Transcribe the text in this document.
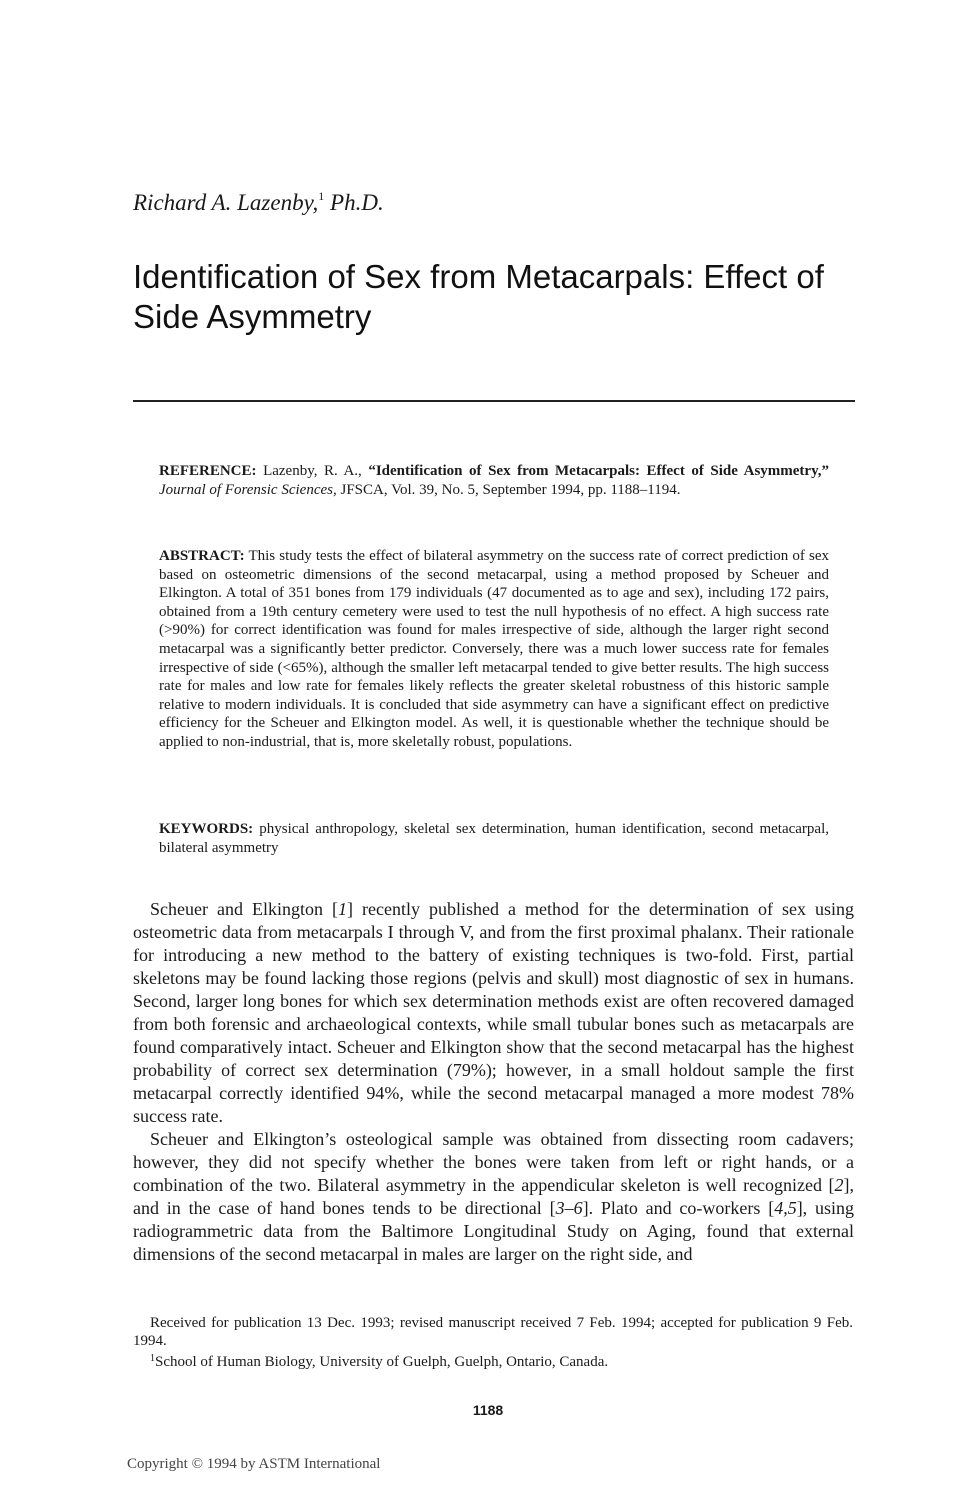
Richard A. Lazenby,$^1$ Ph.D.
Identification of Sex from Metacarpals: Effect of Side Asymmetry
REFERENCE: Lazenby, R. A., “Identification of Sex from Metacarpals: Effect of Side Asymmetry,” Journal of Forensic Sciences, JFSCA, Vol. 39, No. 5, September 1994, pp. 1188–1194.
ABSTRACT: This study tests the effect of bilateral asymmetry on the success rate of correct prediction of sex based on osteometric dimensions of the second metacarpal, using a method proposed by Scheuer and Elkington. A total of 351 bones from 179 individuals (47 documented as to age and sex), including 172 pairs, obtained from a 19th century cemetery were used to test the null hypothesis of no effect. A high success rate (>90%) for correct identification was found for males irrespective of side, although the larger right second metacarpal was a significantly better predictor. Conversely, there was a much lower success rate for females irrespective of side (<65%), although the smaller left metacarpal tended to give better results. The high success rate for males and low rate for females likely reflects the greater skeletal robustness of this historic sample relative to modern individuals. It is concluded that side asymmetry can have a significant effect on predictive efficiency for the Scheuer and Elkington model. As well, it is questionable whether the technique should be applied to non-industrial, that is, more skeletally robust, populations.
KEYWORDS: physical anthropology, skeletal sex determination, human identification, second metacarpal, bilateral asymmetry

Scheuer and Elkington [1] recently published a method for the determination of sex using osteometric data from metacarpals I through V, and from the first proximal phalanx. Their rationale for introducing a new method to the battery of existing techniques is two-fold. First, partial skeletons may be found lacking those regions (pelvis and skull) most diagnostic of sex in humans. Second, larger long bones for which sex determination methods exist are often recovered damaged from both forensic and archaeological contexts, while small tubular bones such as metacarpals are found comparatively intact. Scheuer and Elkington show that the second metacarpal has the highest probability of correct sex determination (79%); however, in a small holdout sample the first metacarpal correctly identified 94%, while the second metacarpal managed a more modest 78% success rate.

Scheuer and Elkington’s osteological sample was obtained from dissecting room cadavers; however, they did not specify whether the bones were taken from left or right hands, or a combination of the two. Bilateral asymmetry in the appendicular skeleton is well recognized [2], and in the case of hand bones tends to be directional [3–6]. Plato and co-workers [4,5], using radiogrammetric data from the Baltimore Longitudinal Study on Aging, found that external dimensions of the second metacarpal in males are larger on the right side, and

Received for publication 13 Dec. 1993; revised manuscript received 7 Feb. 1994; accepted for publication 9 Feb. 1994.

$^1$School of Human Biology, University of Guelph, Guelph, Ontario, Canada.

1188
Copyright © 1994 by ASTM International
